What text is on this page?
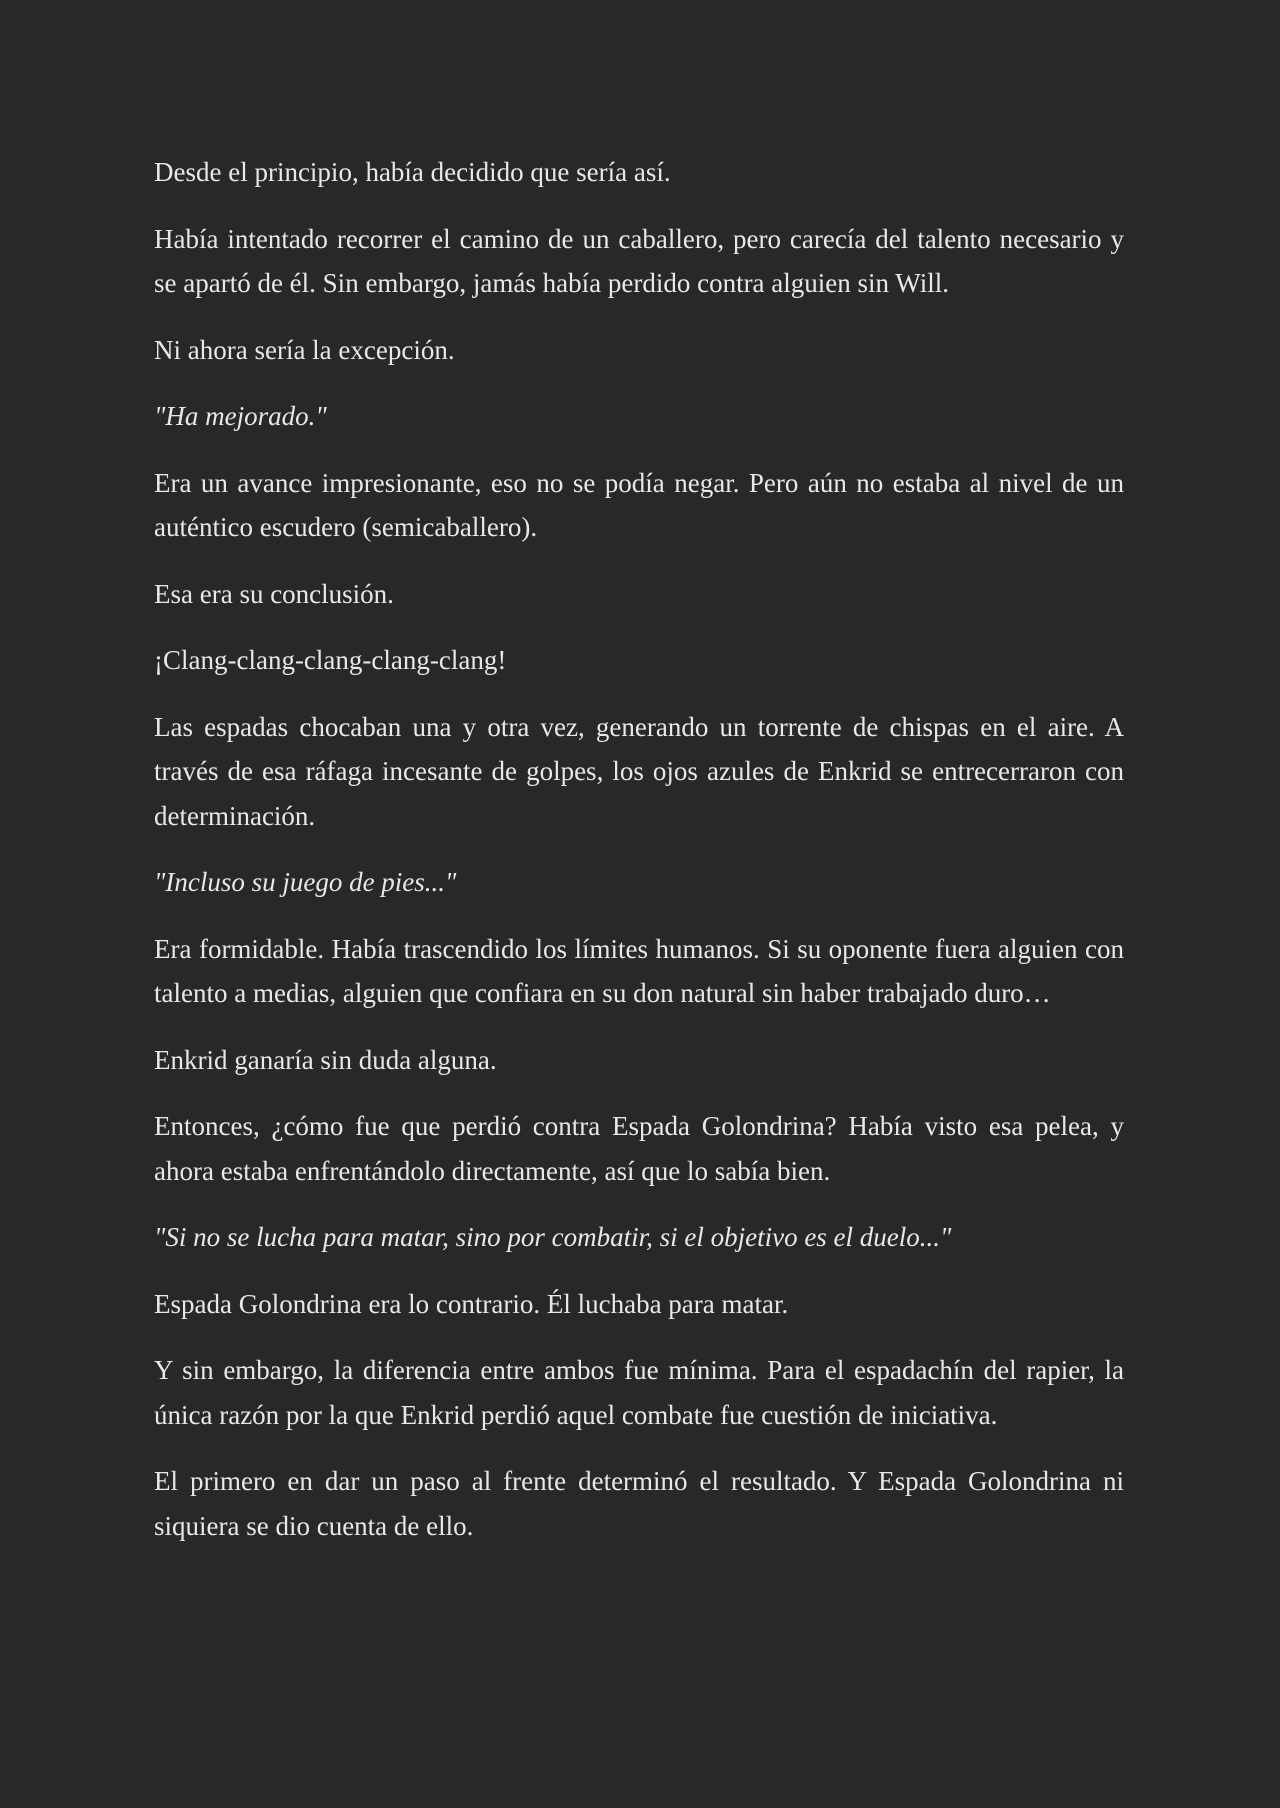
Desde el principio, había decidido que sería así.

Había intentado recorrer el camino de un caballero, pero carecía del talento necesario y se apartó de él. Sin embargo, jamás había perdido contra alguien sin Will.

Ni ahora sería la excepción.

"Ha mejorado."

Era un avance impresionante, eso no se podía negar. Pero aún no estaba al nivel de un auténtico escudero (semicaballero).

Esa era su conclusión.

¡Clang-clang-clang-clang-clang!

Las espadas chocaban una y otra vez, generando un torrente de chispas en el aire. A través de esa ráfaga incesante de golpes, los ojos azules de Enkrid se entrecerraron con determinación.

"Incluso su juego de pies..."

Era formidable. Había trascendido los límites humanos. Si su oponente fuera alguien con talento a medias, alguien que confiara en su don natural sin haber trabajado duro…

Enkrid ganaría sin duda alguna.

Entonces, ¿cómo fue que perdió contra Espada Golondrina? Había visto esa pelea, y ahora estaba enfrentándolo directamente, así que lo sabía bien.

"Si no se lucha para matar, sino por combatir, si el objetivo es el duelo..."

Espada Golondrina era lo contrario. Él luchaba para matar.

Y sin embargo, la diferencia entre ambos fue mínima. Para el espadachín del rapier, la única razón por la que Enkrid perdió aquel combate fue cuestión de iniciativa.

El primero en dar un paso al frente determinó el resultado. Y Espada Golondrina ni siquiera se dio cuenta de ello.
